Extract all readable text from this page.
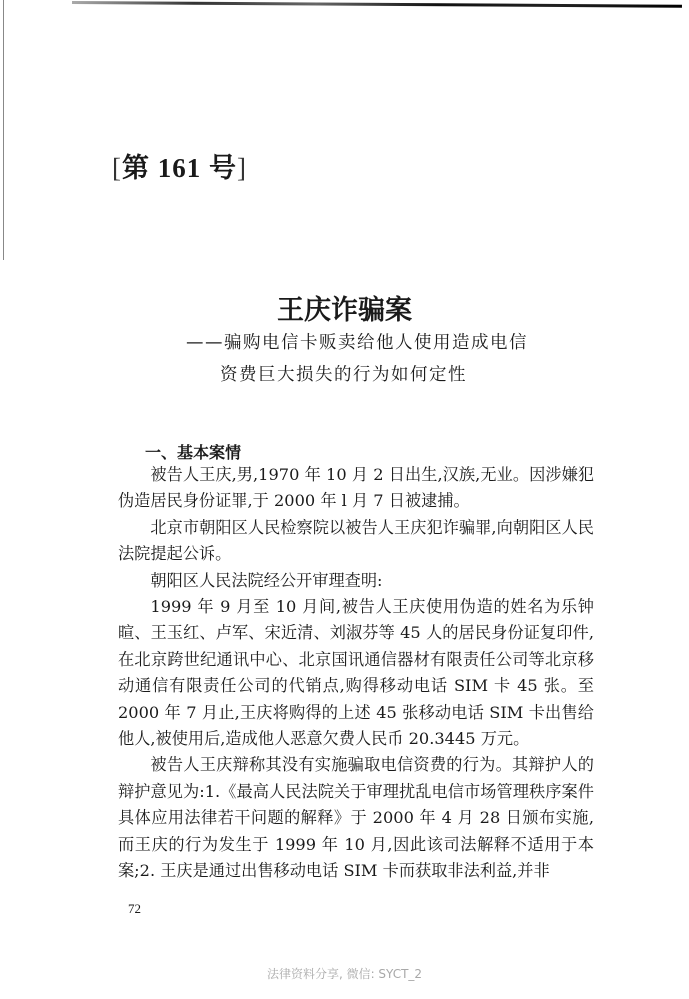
[第 161 号]
王庆诈骗案
——骗购电信卡贩卖给他人使用造成电信
资费巨大损失的行为如何定性
一、基本案情

被告人王庆,男,1970 年 10 月 2 日出生,汉族,无业。因涉嫌犯伪造居民身份证罪,于 2000 年 l 月 7 日被逮捕。

北京市朝阳区人民检察院以被告人王庆犯诈骗罪,向朝阳区人民法院提起公诉。

朝阳区人民法院经公开审理查明:

1999 年 9 月至 10 月间,被告人王庆使用伪造的姓名为乐钟暄、王玉红、卢军、宋近清、刘淑芬等 45 人的居民身份证复印件,在北京跨世纪通讯中心、北京国讯通信器材有限责任公司等北京移动通信有限责任公司的代销点,购得移动电话 SIM 卡 45 张。至 2000 年 7 月止,王庆将购得的上述 45 张移动电话 SIM 卡出售给他人,被使用后,造成他人恶意欠费人民币 20.3445 万元。

被告人王庆辩称其没有实施骗取电信资费的行为。其辩护人的辩护意见为:1.《最高人民法院关于审理扰乱电信市场管理秩序案件具体应用法律若干问题的解释》于 2000 年 4 月 28 日颁布实施,而王庆的行为发生于 1999 年 10 月,因此该司法解释不适用于本案;2. 王庆是通过出售移动电话 SIM 卡而获取非法利益,并非

72
法律资料分享, 微信: SYCT_2
